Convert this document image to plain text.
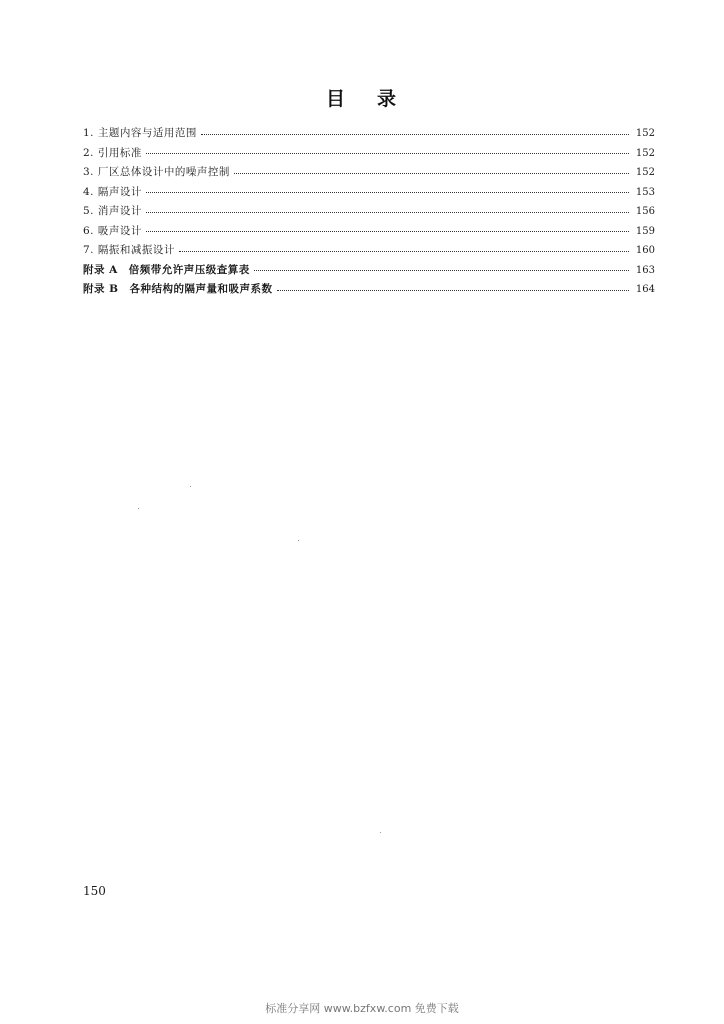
目 录
1. 主题内容与适用范围	152
2. 引用标准	152
3. 厂区总体设计中的噪声控制	152
4. 隔声设计	153
5. 消声设计	156
6. 吸声设计	159
7. 隔振和减振设计	160
附录 A　倍频带允许声压级查算表	163
附录 B　各种结构的隔声量和吸声系数	164
150
标准分享网 www.bzfxw.com 免费下载
